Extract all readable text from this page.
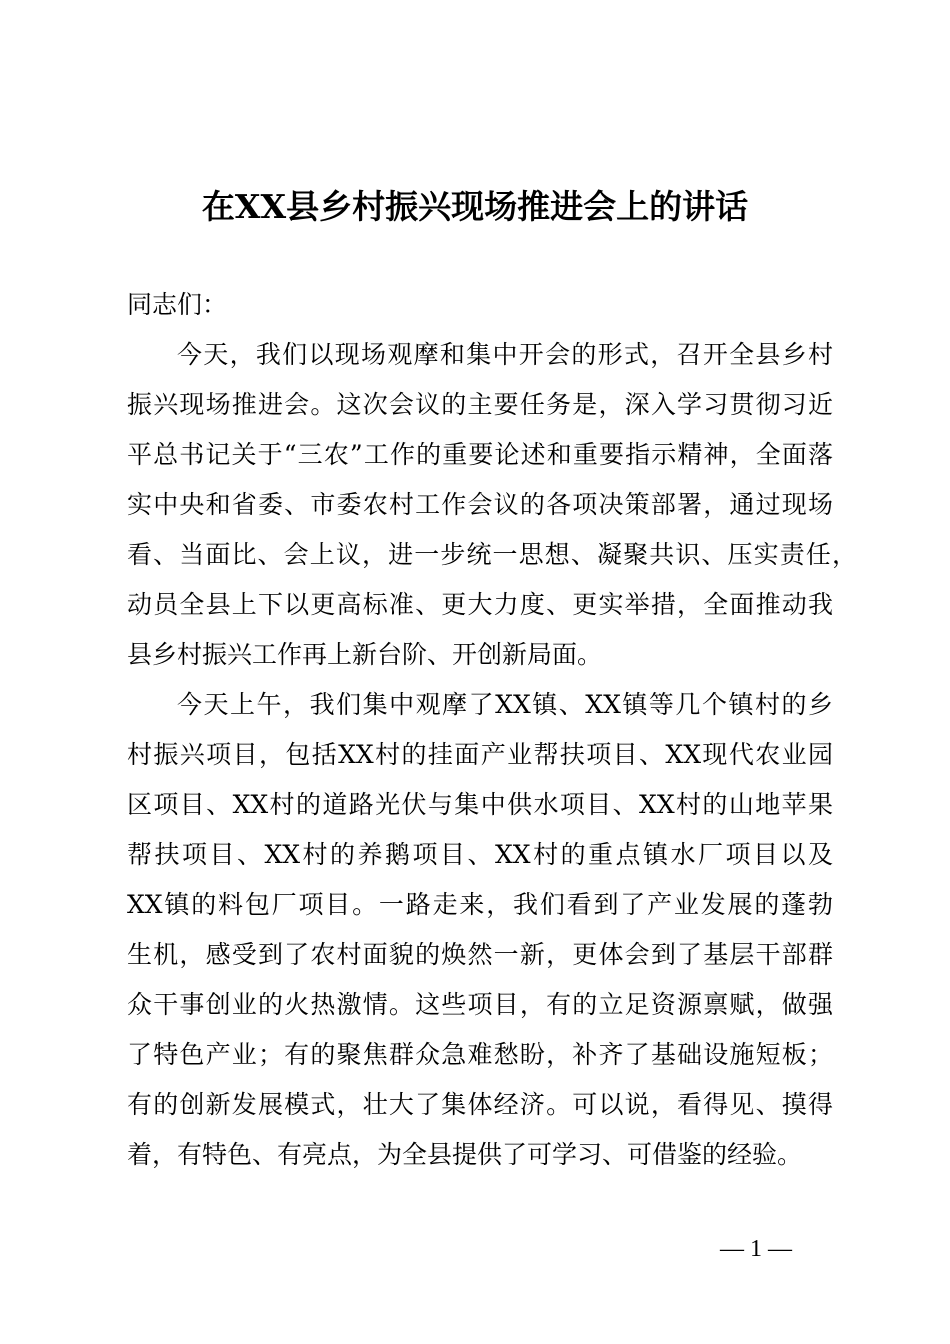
在XX县乡村振兴现场推进会上的讲话
同志们：
今天，我们以现场观摩和集中开会的形式，召开全县乡村
振兴现场推进会。这次会议的主要任务是，深入学习贯彻习近
平总书记关于“三农”工作的重要论述和重要指示精神，全面落
实中央和省委、市委农村工作会议的各项决策部署，通过现场
看、当面比、会上议，进一步统一思想、凝聚共识、压实责任，
动员全县上下以更高标准、更大力度、更实举措，全面推动我
县乡村振兴工作再上新台阶、开创新局面。
今天上午，我们集中观摩了XX镇、XX镇等几个镇村的乡
村振兴项目，包括XX村的挂面产业帮扶项目、XX现代农业园
区项目、XX村的道路光伏与集中供水项目、XX村的山地苹果
帮扶项目、XX村的养鹅项目、XX村的重点镇水厂项目以及
XX镇的料包厂项目。一路走来，我们看到了产业发展的蓬勃
生机，感受到了农村面貌的焕然一新，更体会到了基层干部群
众干事创业的火热激情。这些项目，有的立足资源禀赋，做强
了特色产业；有的聚焦群众急难愁盼，补齐了基础设施短板；
有的创新发展模式，壮大了集体经济。可以说，看得见、摸得
着，有特色、有亮点，为全县提供了可学习、可借鉴的经验。
— 1 —
